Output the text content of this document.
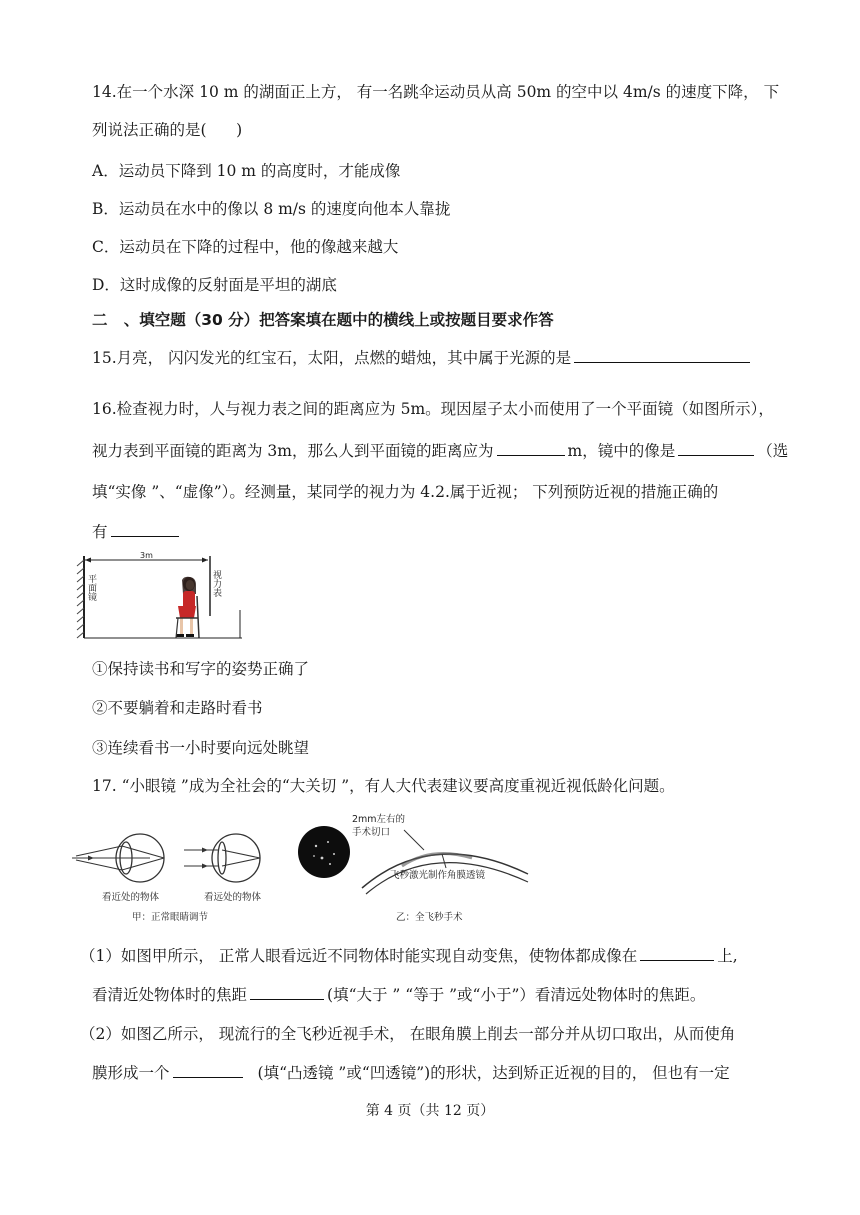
14.在一个水深 10 m 的湖面正上方， 有一名跳伞运动员从高 50m 的空中以 4m/s 的速度下降， 下
列说法正确的是(      )
A．运动员下降到 10 m 的高度时，才能成像
B．运动员在水中的像以 8 m/s 的速度向他本人靠拢
C．运动员在下降的过程中，他的像越来越大
D．这时成像的反射面是平坦的湖底
二   、填空题（30 分）把答案填在题中的横线上或按题目要求作答
15.月亮， 闪闪发光的红宝石，太阳，点燃的蜡烛，其中属于光源的是
16.检查视力时，人与视力表之间的距离应为 5m。现因屋子太小而使用了一个平面镜（如图所示），
视力表到平面镜的距离为 3m，那么人到平面镜的距离应为	m，镜中的像是	（选
填“实像 ”、“虚像”）。经测量，某同学的视力为 4.2.属于近视； 下列预防近视的措施正确的
有
3m
平面镜	视力表
①保持读书和写字的姿势正确了
②不要躺着和走路时看书
③连续看书一小时要向远处眺望
17. “小眼镜 ”成为全社会的“大关切 ”，有人大代表建议要高度重视近视低龄化问题。
看近处的物体	看远处的物体
甲：正常眼睛调节
2mm左右的
手术切口
飞秒激光制作角膜透镜
乙：全飞秒手术
（1）如图甲所示， 正常人眼看远近不同物体时能实现自动变焦，使物体都成像在	上,
看清近处物体时的焦距	(填“大于 ” “等于 ”或“小于”）看清远处物体时的焦距。
（2）如图乙所示， 现流行的全飞秒近视手术， 在眼角膜上削去一部分并从切口取出，从而使角
膜形成一个	(填“凸透镜 ”或“凹透镜”)的形状，达到矫正近视的目的， 但也有一定
第 4 页（共 12 页）
